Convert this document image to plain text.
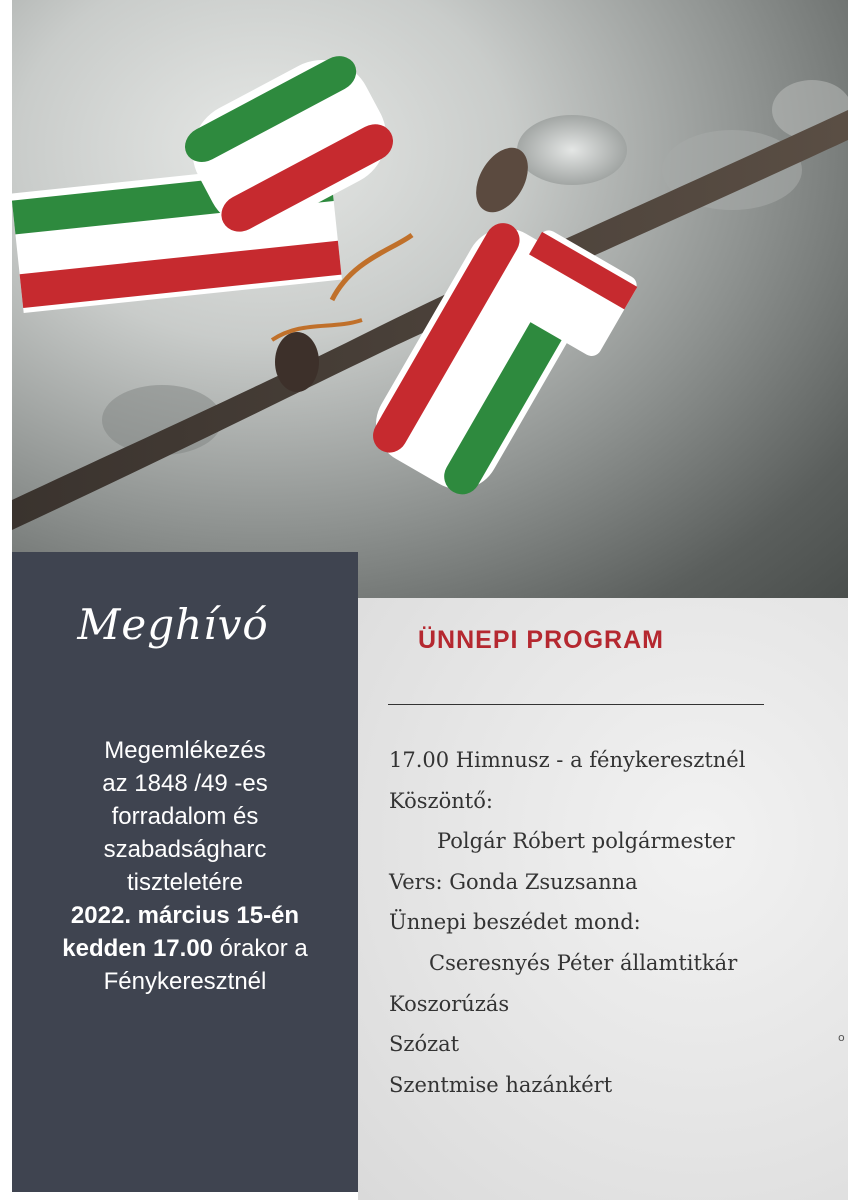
Meghívó
Megemlékezés
az 1848 /49 -es
forradalom és
szabadságharc
tiszteletére
2022. március 15-én
kedden 17.00 órakor a
Fénykeresztnél
ÜNNEPI PROGRAM
17.00 Himnusz - a fénykeresztnél
Köszöntő:
Polgár Róbert polgármester
Vers: Gonda Zsuzsanna
Ünnepi beszédet mond:
Cseresnyés Péter államtitkár
Koszorúzás
Szózat
Szentmise hazánkért
o
